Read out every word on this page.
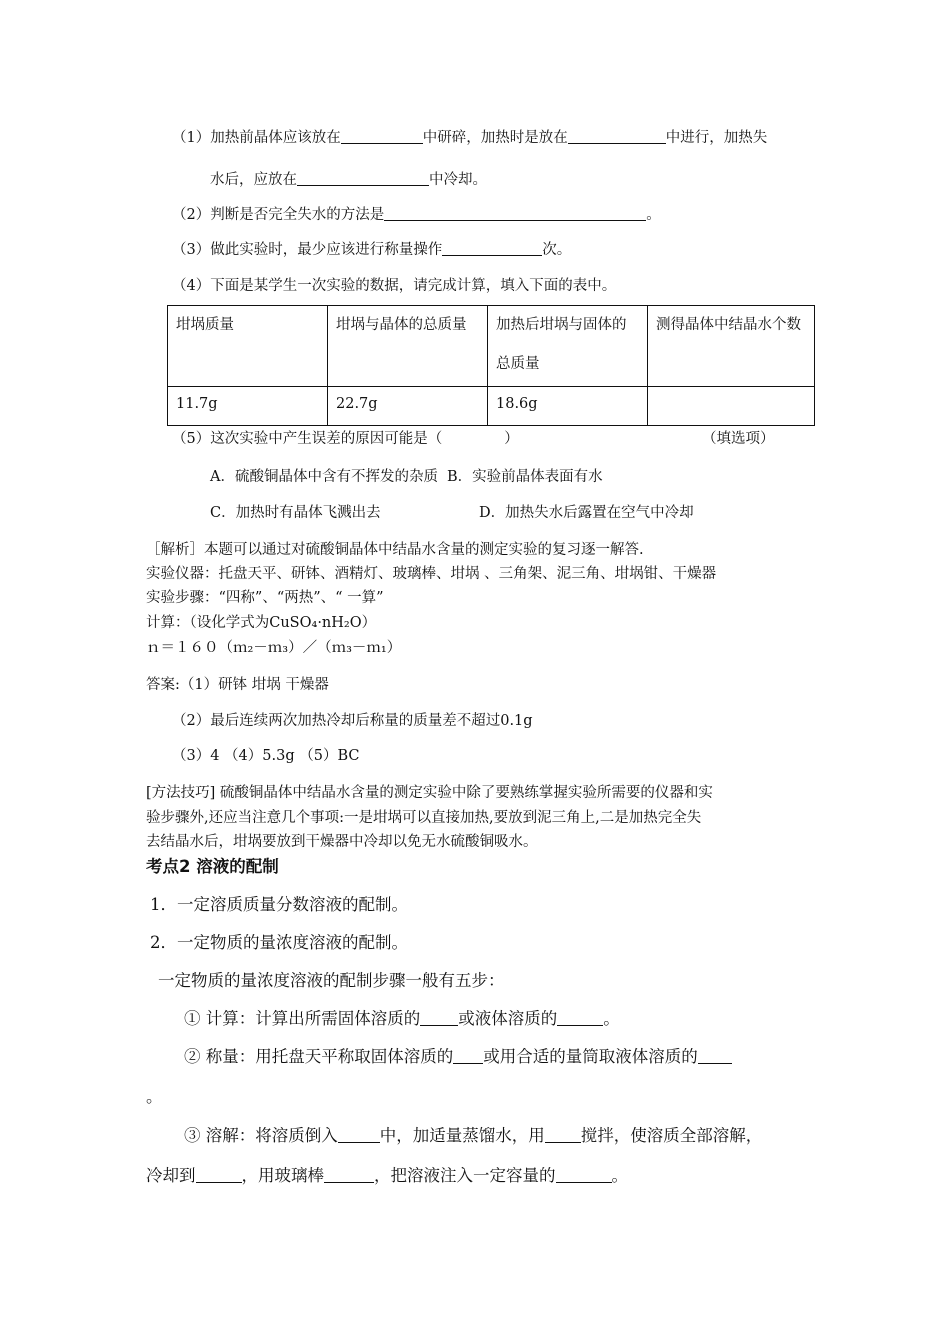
（1）加热前晶体应该放在	中研碎，加热时是放在	中进行，加热失
水后，应放在	中冷却。
（2）判断是否完全失水的方法是	。
（3）做此实验时，最少应该进行称量操作	次。
（4）下面是某学生一次实验的数据，请完成计算，填入下面的表中。
坩埚质量	坩埚与晶体的总质量	加热后坩埚与固体的总质量	测得晶体中结晶水个数
11.7g	22.7g	18.6g	
（5）这次实验中产生误差的原因可能是（	）	（填选项）
A．硫酸铜晶体中含有不挥发的杂质 B．实验前晶体表面有水
C．加热时有晶体飞溅出去	D．加热失水后露置在空气中冷却
［解析］本题可以通过对硫酸铜晶体中结晶水含量的测定实验的复习逐一解答.
实验仪器：托盘天平、研钵、酒精灯、玻璃棒、坩埚 、三角架、泥三角、坩埚钳、干燥器
实验步骤：“四称”、“两热”、“ 一算”
计算：（设化学式为CuSO₄·nH₂O）
ｎ＝１６０（ｍ₂－ｍ₃）／（ｍ₃－ｍ₁）
答案:（1）研钵 坩埚 干燥器
（2）最后连续两次加热冷却后称量的质量差不超过0.1g
（3）4 （4）5.3g （5）BC
[方法技巧] 硫酸铜晶体中结晶水含量的测定实验中除了要熟练掌握实验所需要的仪器和实
验步骤外,还应当注意几个事项:一是坩埚可以直接加热,要放到泥三角上,二是加热完全失
去结晶水后，坩埚要放到干燥器中冷却以免无水硫酸铜吸水。
考点2 溶液的配制
1．一定溶质质量分数溶液的配制。
2．一定物质的量浓度溶液的配制。
一定物质的量浓度溶液的配制步骤一般有五步：
① 计算：计算出所需固体溶质的 或液体溶质的	。
② 称量：用托盘天平称取固体溶质的 或用合适的量筒取液体溶质的
。
③ 溶解：将溶质倒入	中，加适量蒸馏水，用 搅拌，使溶质全部溶解，
冷却到	，用玻璃棒	，把溶液注入一定容量的	。
